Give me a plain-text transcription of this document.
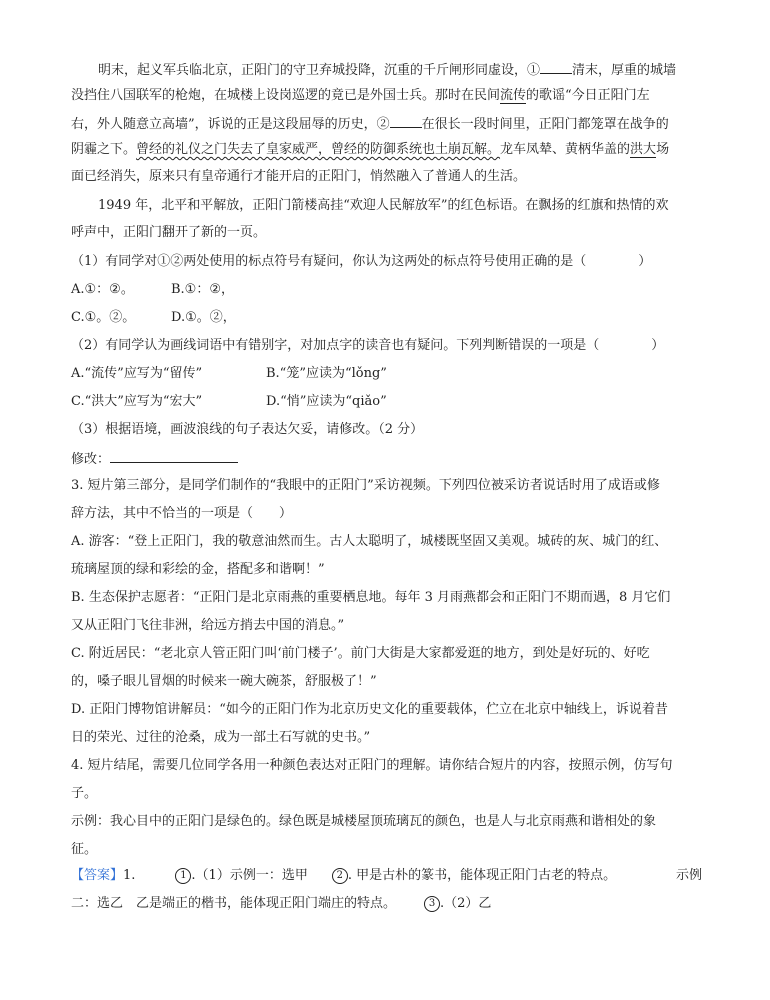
明末，起义军兵临北京，正阳门的守卫弃城投降，沉重的千斤闸形同虚设，① 清末，厚重的城墙
没挡住八国联军的枪炮，在城楼上设岗巡逻的竟已是外国士兵。那时在民间流传的歌谣“今日正阳门左
右，外人随意立高墙”，诉说的正是这段屈辱的历史，② 在很长一段时间里，正阳门都笼罩在战争的
阴霾之下。曾经的礼仪之门失去了皇家威严，曾经的防御系统也土崩瓦解。龙车凤辇、黄柄华盖的洪大场
面已经消失，原来只有皇帝通行才能开启的正阳门，悄然融入了普通人的生活。
1949 年，北平和平解放，正阳门箭楼高挂“欢迎人民解放军”的红色标语。在飘扬的红旗和热情的欢
呼声中，正阳门翻开了新的一页。
（1）有同学对①②两处使用的标点符号有疑问，你认为这两处的标点符号使用正确的是（	）
A.①：②。	B.①：②，
C.①。②。	D.①。②，
（2）有同学认为画线词语中有错别字，对加点字的读音也有疑问。下列判断错误的一项是（	）
A.“流传”应写为“留传”	B.“笼”应读为“lǒng”
C.“洪大”应写为“宏大”	D.“悄”应读为“qiǎo”
（3）根据语境，画波浪线的句子表达欠妥，请修改。（2 分）
修改：
3. 短片第三部分，是同学们制作的“我眼中的正阳门”采访视频。下列四位被采访者说话时用了成语或修
辞方法，其中不恰当的一项是（　　）
A. 游客：“登上正阳门，我的敬意油然而生。古人太聪明了，城楼既坚固又美观。城砖的灰、城门的红、
琉璃屋顶的绿和彩绘的金，搭配多和谐啊！”
B. 生态保护志愿者：“正阳门是北京雨燕的重要栖息地。每年 3 月雨燕都会和正阳门不期而遇，8 月它们
又从正阳门飞往非洲，给远方捎去中国的消息。”
C. 附近居民：“老北京人管正阳门叫‘前门楼子’。前门大街是大家都爱逛的地方，到处是好玩的、好吃
的，嗓子眼儿冒烟的时候来一碗大碗茶，舒服极了！”
D. 正阳门博物馆讲解员：“如今的正阳门作为北京历史文化的重要载体，伫立在北京中轴线上，诉说着昔
日的荣光、过往的沧桑，成为一部土石写就的史书。”
4. 短片结尾，需要几位同学各用一种颜色表达对正阳门的理解。请你结合短片的内容，按照示例，仿写句
子。
示例：我心目中的正阳门是绿色的。绿色既是城楼屋顶琉璃瓦的颜色，也是人与北京雨燕和谐相处的象
征。
【答案】1.	1 .（1）示例一：选甲	2 . 甲是古朴的篆书，能体现正阳门古老的特点。	示例
二：选乙　乙是端正的楷书，能体现正阳门端庄的特点。	3 .（2）乙
